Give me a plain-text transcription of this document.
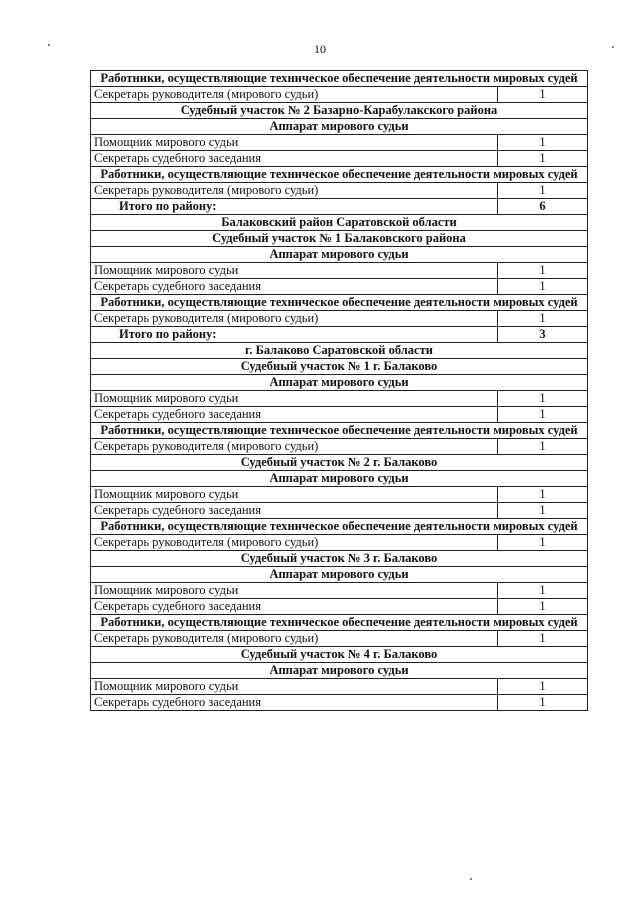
10
Работники, осуществляющие техническое обеспечение деятельности мировых судей	
Секретарь руководителя (мирового судьи)	1
Судебный участок № 2 Базарно-Карабулакского района	
Аппарат мирового судьи	
Помощник мирового судьи	1
Секретарь судебного заседания	1
Работники, осуществляющие техническое обеспечение деятельности мировых судей	
Секретарь руководителя (мирового судьи)	1
Итого по району:	6
Балаковский район Саратовской области	
Судебный участок № 1 Балаковского района	
Аппарат мирового судьи	
Помощник мирового судьи	1
Секретарь судебного заседания	1
Работники, осуществляющие техническое обеспечение деятельности мировых судей	
Секретарь руководителя (мирового судьи)	1
Итого по району:	3
г. Балаково Саратовской области	
Судебный участок № 1 г. Балаково	
Аппарат мирового судьи	
Помощник мирового судьи	1
Секретарь судебного заседания	1
Работники, осуществляющие техническое обеспечение деятельности мировых судей	
Секретарь руководителя (мирового судьи)	1
Судебный участок № 2 г. Балаково	
Аппарат мирового судьи	
Помощник мирового судьи	1
Секретарь судебного заседания	1
Работники, осуществляющие техническое обеспечение деятельности мировых судей	
Секретарь руководителя (мирового судьи)	1
Судебный участок № 3 г. Балаково	
Аппарат мирового судьи	
Помощник мирового судьи	1
Секретарь судебного заседания	1
Работники, осуществляющие техническое обеспечение деятельности мировых судей	
Секретарь руководителя (мирового судьи)	1
Судебный участок № 4 г. Балаково	
Аппарат мирового судьи	
Помощник мирового судьи	1
Секретарь судебного заседания	1
